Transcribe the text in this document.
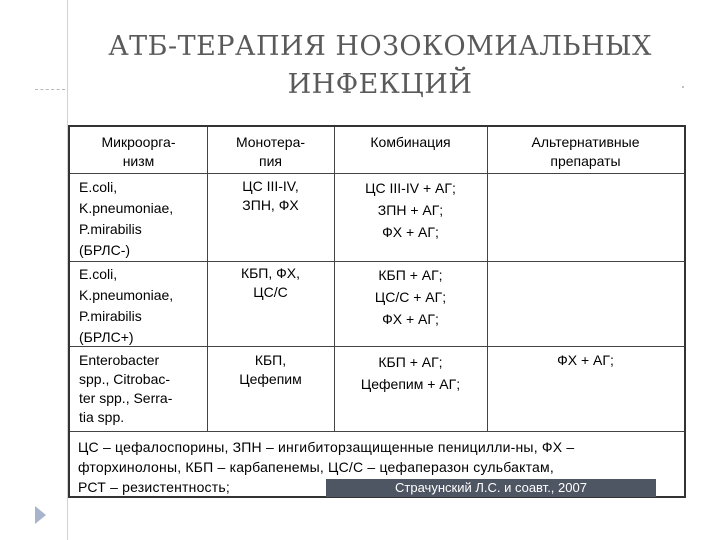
АТБ-ТЕРАПИЯ НОЗОКОМИАЛЬНЫХ
ИНФЕКЦИЙ
Микроорга-
низм
Монотера-
пия
Комбинация	Альтернативные
препараты
E.coli,
K.pneumoniae,
P.mirabilis
(БРЛС-)
ЦС III-IV,
ЗПН, ФХ
ЦС III-IV + АГ;
ЗПН + АГ;
ФХ + АГ;
E.coli,
K.pneumoniae,
P.mirabilis
(БРЛС+)
КБП, ФХ,
ЦС/С
КБП + АГ;
ЦС/С + АГ;
ФХ + АГ;
Enterobacter
spp., Citrobac-
ter spp., Serra-
tia spp.
КБП,
Цефепим
КБП + АГ;
Цефепим + АГ;
ФХ + АГ;
ЦС – цефалоспорины, ЗПН – ингибиторзащищенные пеницилли-ны, ФХ –
фторхинолоны, КБП – карбапенемы, ЦС/С – цефаперазон сульбактам,
РСТ – резистентность;	Страчунский Л.С. и соавт., 2007
